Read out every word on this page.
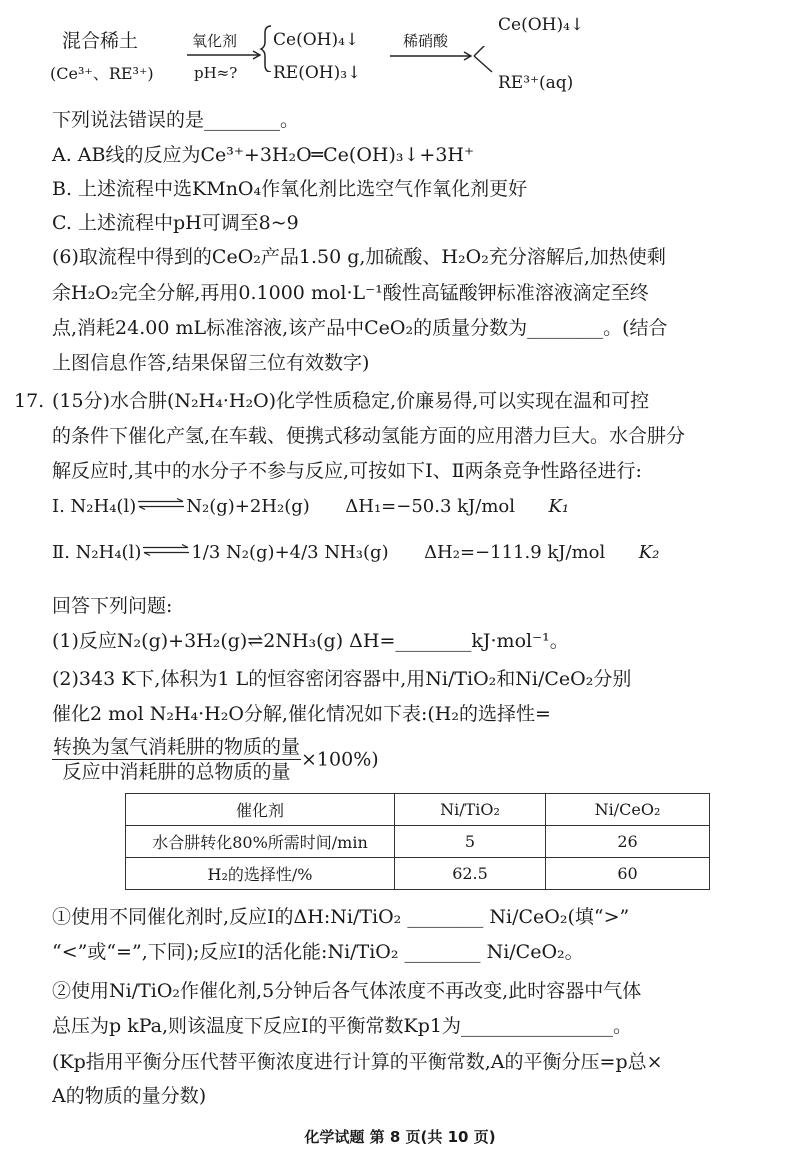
混合稀土
(Ce³⁺、RE³⁺)
氧化剂
pH≈?
Ce(OH)₄↓
RE(OH)₃↓
稀硝酸
Ce(OH)₄↓
RE³⁺(aq)
下列说法错误的是________。
A. AB线的反应为Ce³⁺+3H₂O═Ce(OH)₃↓+3H⁺
B. 上述流程中选KMnO₄作氧化剂比选空气作氧化剂更好
C. 上述流程中pH可调至8~9
(6)取流程中得到的CeO₂产品1.50 g,加硫酸、H₂O₂充分溶解后,加热使剩
余H₂O₂完全分解,再用0.1000 mol·L⁻¹酸性高锰酸钾标准溶液滴定至终
点,消耗24.00 mL标准溶液,该产品中CeO₂的质量分数为________。(结合
上图信息作答,结果保留三位有效数字)
17. (15分)水合肼(N₂H₄·H₂O)化学性质稳定,价廉易得,可以实现在温和可控
的条件下催化产氢,在车载、便携式移动氢能方面的应用潜力巨大。水合肼分
解反应时,其中的水分子不参与反应,可按如下Ⅰ、Ⅱ两条竞争性路径进行:
Ⅰ. N₂H₄(l)⇌N₂(g)+2H₂(g) ΔH₁=−50.3 kJ/mol K₁
Ⅱ. N₂H₄(l)⇌1/3 N₂(g)+4/3 NH₃(g) ΔH₂=−111.9 kJ/mol K₂
回答下列问题:
(1)反应N₂(g)+3H₂(g)⇌2NH₃(g) ΔH=________kJ·mol⁻¹。
(2)343 K下,体积为1 L的恒容密闭容器中,用Ni/TiO₂和Ni/CeO₂分别
催化2 mol N₂H₄·H₂O分解,催化情况如下表:(H₂的选择性=
$\frac{\text{转换为氢气消耗肼的物质的量}}{\text{反应中消耗肼的总物质的量}} \times 100\%$)
催化剂	Ni/TiO₂	Ni/CeO₂
水合肼转化80%所需时间/min	5	26
H₂的选择性/%	62.5	60
①使用不同催化剂时,反应Ⅰ的ΔH:Ni/TiO₂ ________ Ni/CeO₂(填“>”
“<”或“=”,下同);反应Ⅰ的活化能:Ni/TiO₂ ________ Ni/CeO₂。
②使用Ni/TiO₂作催化剂,5分钟后各气体浓度不再改变,此时容器中气体
总压为p kPa,则该温度下反应Ⅰ的平衡常数Kp1为________________。
(Kp指用平衡分压代替平衡浓度进行计算的平衡常数,A的平衡分压=p总×
A的物质的量分数)
化学试题 第 8 页(共 10 页)
